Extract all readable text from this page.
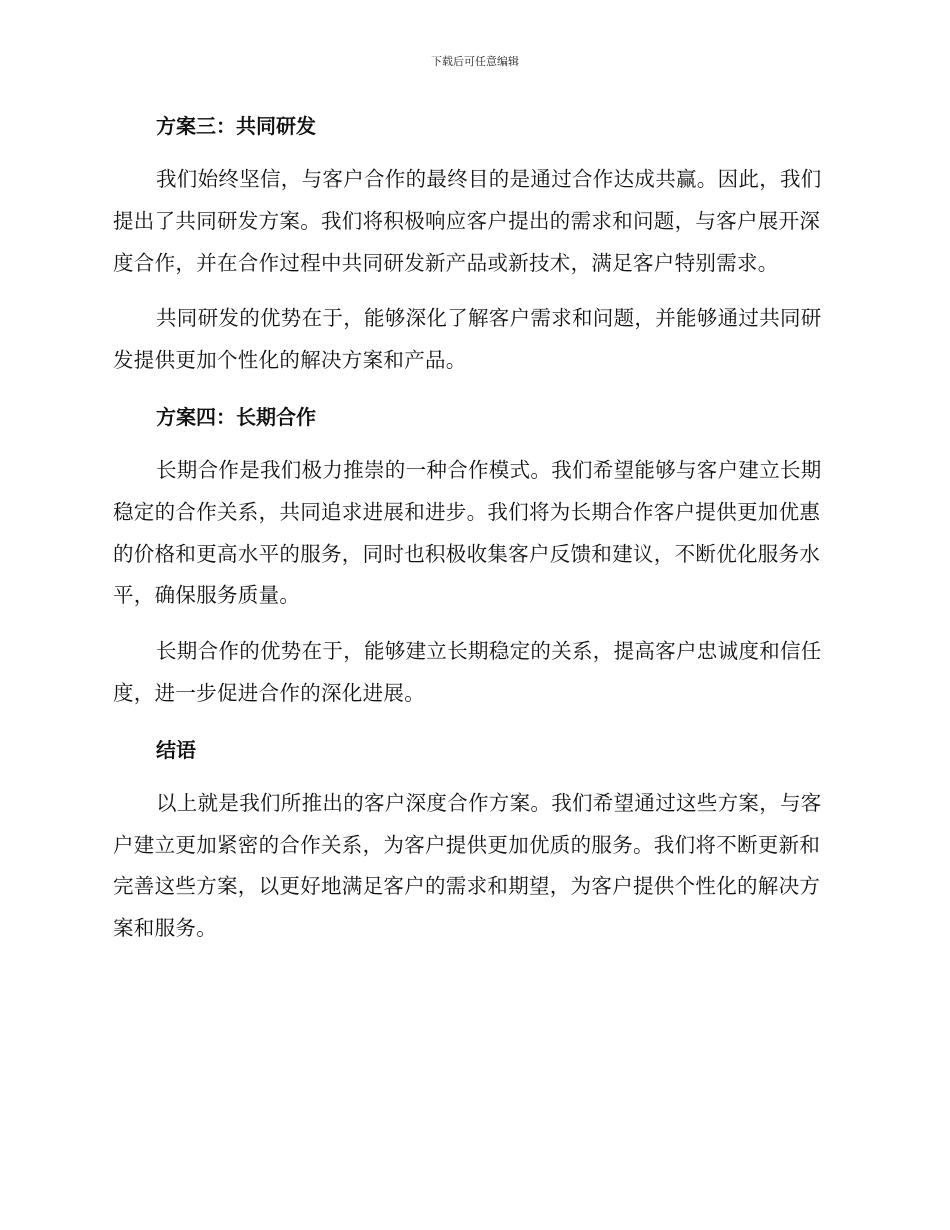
下载后可任意编辑
方案三：共同研发

我们始终坚信，与客户合作的最终目的是通过合作达成共赢。因此，我们提出了共同研发方案。我们将积极响应客户提出的需求和问题，与客户展开深度合作，并在合作过程中共同研发新产品或新技术，满足客户特别需求。

共同研发的优势在于，能够深化了解客户需求和问题，并能够通过共同研发提供更加个性化的解决方案和产品。

方案四：长期合作

长期合作是我们极力推崇的一种合作模式。我们希望能够与客户建立长期稳定的合作关系，共同追求进展和进步。我们将为长期合作客户提供更加优惠的价格和更高水平的服务，同时也积极收集客户反馈和建议，不断优化服务水平，确保服务质量。

长期合作的优势在于，能够建立长期稳定的关系，提高客户忠诚度和信任度，进一步促进合作的深化进展。

结语

以上就是我们所推出的客户深度合作方案。我们希望通过这些方案，与客户建立更加紧密的合作关系，为客户提供更加优质的服务。我们将不断更新和完善这些方案，以更好地满足客户的需求和期望，为客户提供个性化的解决方案和服务。
